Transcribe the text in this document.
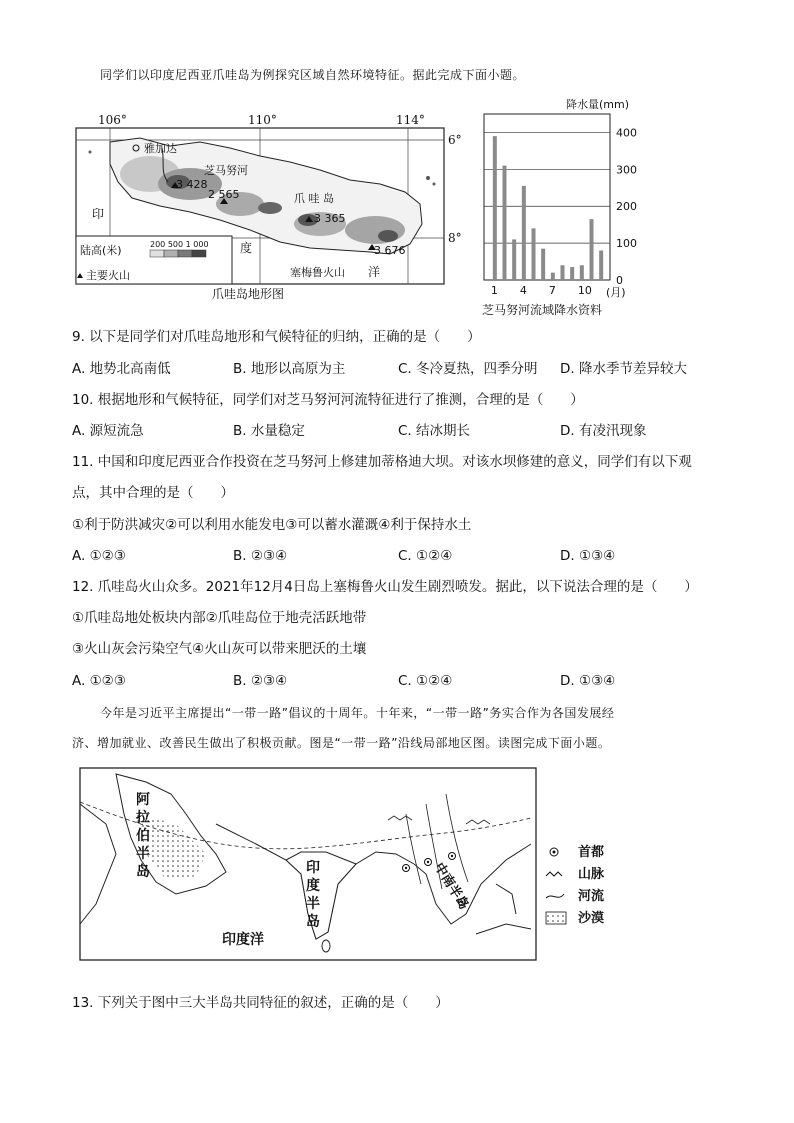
同学们以印度尼西亚爪哇岛为例探究区域自然环境特征。据此完成下面小题。
106°	110°	114°
6°
8°
雅加达
芝马努河
爪 哇 岛
3 428
2 565
3 365
3 676
印
度
塞梅鲁火山 洋
陆高(米)	200 500 1 000
主要火山
爪哇岛地形图
降水量(mm)
0
100
200
300
400
1 4 7 10 (月)
芝马努河流域降水资料
9. 以下是同学们对爪哇岛地形和气候特征的归纳，正确的是（　　）
A. 地势北高南低	B. 地形以高原为主	C. 冬冷夏热，四季分明 D. 降水季节差异较大
10. 根据地形和气候特征，同学们对芝马努河河流特征进行了推测，合理的是（　　）
A. 源短流急	B. 水量稳定	C. 结冰期长	D. 有凌汛现象
11. 中国和印度尼西亚合作投资在芝马努河上修建加蒂格迪大坝。对该水坝修建的意义，同学们有以下观
点，其中合理的是（　　）
①利于防洪减灾②可以利用水能发电③可以蓄水灌溉④利于保持水土
A. ①②③	B. ②③④	C. ①②④	D. ①③④
12. 爪哇岛火山众多。2021年12月4日岛上塞梅鲁火山发生剧烈喷发。据此，以下说法合理的是（　　）
①爪哇岛地处板块内部②爪哇岛位于地壳活跃地带
③火山灰会污染空气④火山灰可以带来肥沃的土壤
A. ①②③	B. ②③④	C. ①②④	D. ①③④
今年是习近平主席提出“一带一路”倡议的十周年。十年来，“一带一路”务实合作为各国发展经
济、增加就业、改善民生做出了积极贡献。图是“一带一路”沿线局部地区图。读图完成下面小题。
阿
拉
伯
半
岛	印
度
半
岛
印度洋
中南半岛
首都
山脉
河流
沙漠
13. 下列关于图中三大半岛共同特征的叙述，正确的是（　　）
